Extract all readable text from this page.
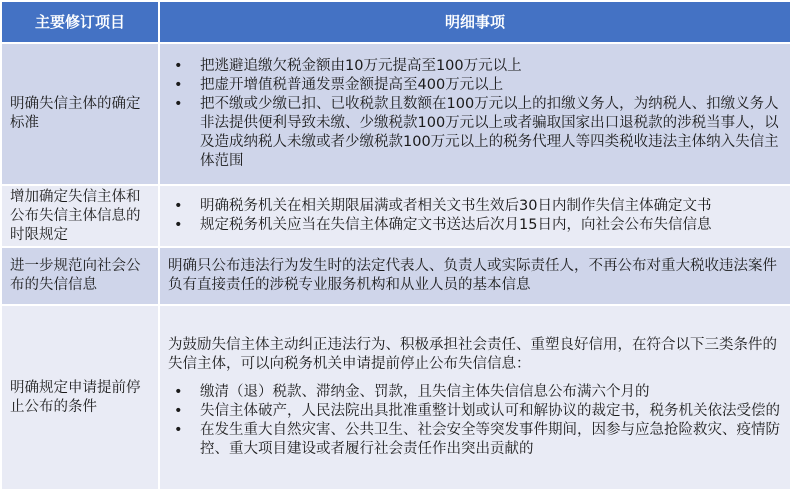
主要修订项目	明细事项
明确失信主体的确定标准
• 把逃避追缴欠税金额由10万元提高至100万元以上
• 把虚开增值税普通发票金额提高至400万元以上
• 把不缴或少缴已扣、已收税款且数额在100万元以上的扣缴义务人，为纳税人、扣缴义务人非法提供便利导致未缴、少缴税款100万元以上或者骗取国家出口退税款的涉税当事人，以及造成纳税人未缴或者少缴税款100万元以上的税务代理人等四类税收违法主体纳入失信主体范围
增加确定失信主体和公布失信主体信息的时限规定
• 明确税务机关在相关期限届满或者相关文书生效后30日内制作失信主体确定文书
• 规定税务机关应当在失信主体确定文书送达后次月15日内，向社会公布失信信息
进一步规范向社会公布的失信信息
明确只公布违法行为发生时的法定代表人、负责人或实际责任人，不再公布对重大税收违法案件负有直接责任的涉税专业服务机构和从业人员的基本信息
明确规定申请提前停止公布的条件
为鼓励失信主体主动纠正违法行为、积极承担社会责任、重塑良好信用，在符合以下三类条件的失信主体，可以向税务机关申请提前停止公布失信信息：
• 缴清（退）税款、滞纳金、罚款，且失信主体失信信息公布满六个月的
• 失信主体破产，人民法院出具批准重整计划或认可和解协议的裁定书，税务机关依法受偿的
• 在发生重大自然灾害、公共卫生、社会安全等突发事件期间，因参与应急抢险救灾、疫情防控、重大项目建设或者履行社会责任作出突出贡献的
